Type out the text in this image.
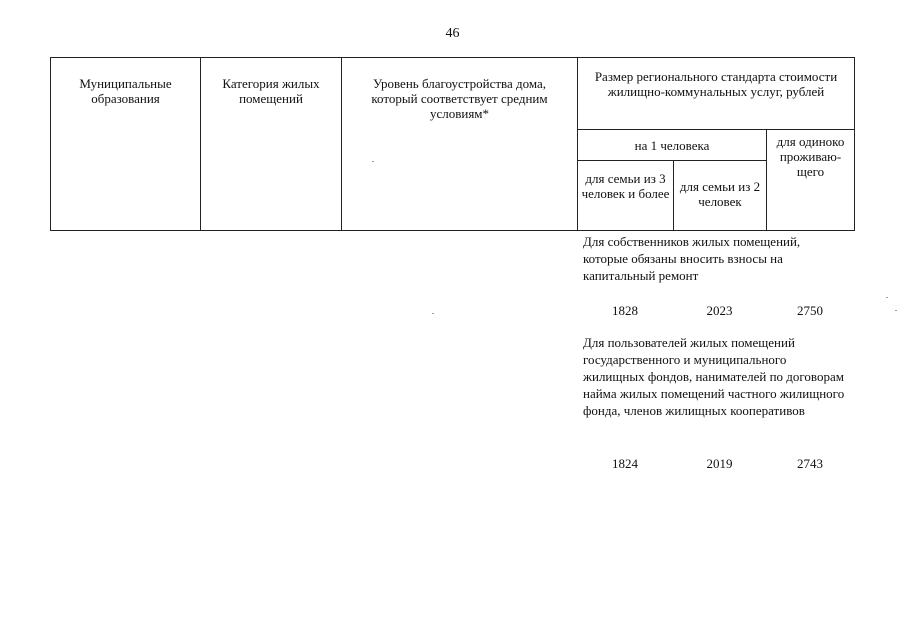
46
Муниципальные образования	Категория жилых помещений	Уровень благоустройства дома, который соответствует средним условиям*	Размер регионального стандарта стоимости жилищно-коммунальных услуг, рублей		

			на 1 человека		для одиноко проживаю-щего

			для семьи из 3 человек и более	для семьи из 2 человек	
Для собственников жилых помещений, которые обязаны вносить взносы на капитальный ремонт
1828	2023	2750
Для пользователей жилых помещений государственного и муниципального жилищных фондов, нанимателей по договорам найма жилых помещений частного жилищного фонда, членов жилищных кооперативов
1824	2019	2743
